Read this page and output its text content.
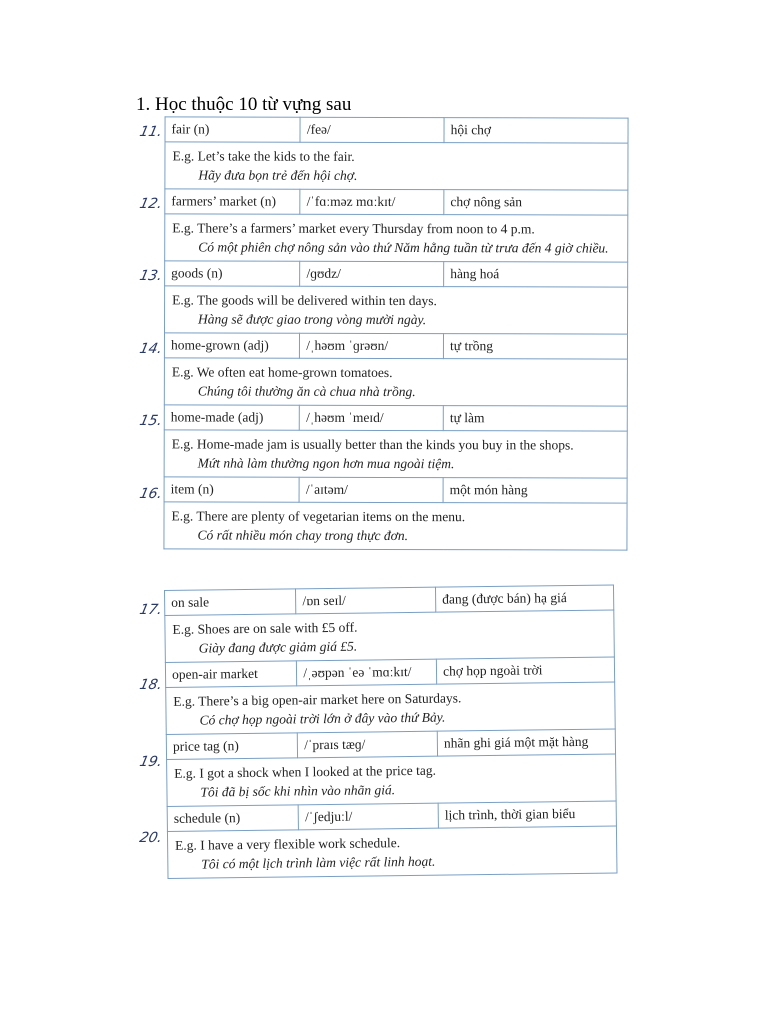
1. Học thuộc 10 từ vựng sau
fair (n)	/feə/	hội chợ

E.g. Let’s take the kids to the fair.
Hãy đưa bọn trẻ đến hội chợ.		

farmers’ market (n)	/ˈfɑːməz mɑːkɪt/	chợ nông sản

E.g. There’s a farmers’ market every Thursday from noon to 4 p.m.
Có một phiên chợ nông sản vào thứ Năm hằng tuần từ trưa đến 4 giờ chiều.		

goods (n)	/ɡʊdz/	hàng hoá

E.g. The goods will be delivered within ten days.
Hàng sẽ được giao trong vòng mười ngày.		

home-grown (adj)	/ˌhəʊm ˈɡrəʊn/	tự trồng

E.g. We often eat home-grown tomatoes.
Chúng tôi thường ăn cà chua nhà trồng.		

home-made (adj)	/ˌhəʊm ˈmeɪd/	tự làm

E.g. Home-made jam is usually better than the kinds you buy in the shops.
Mứt nhà làm thường ngon hơn mua ngoài tiệm.		

item (n)	/ˈaɪtəm/	một món hàng

E.g. There are plenty of vegetarian items on the menu.
Có rất nhiều món chay trong thực đơn.		
11.
12.
13.
14.
15.
16.
on sale	/ɒn seɪl/	đang (được bán) hạ giá

E.g. Shoes are on sale with £5 off.
Giày đang được giảm giá £5.		

open-air market	/ˌəʊpən ˈeə ˈmɑːkɪt/	chợ họp ngoài trời

E.g. There’s a big open-air market here on Saturdays.
Có chợ họp ngoài trời lớn ở đây vào thứ Bảy.		

price tag (n)	/ˈpraɪs tæɡ/	nhãn ghi giá một mặt hàng

E.g. I got a shock when I looked at the price tag.
Tôi đã bị sốc khi nhìn vào nhãn giá.		

schedule (n)	/ˈʃedjuːl/	lịch trình, thời gian biểu

E.g. I have a very flexible work schedule.
Tôi có một lịch trình làm việc rất linh hoạt.		
17.
18.
19.
20.
